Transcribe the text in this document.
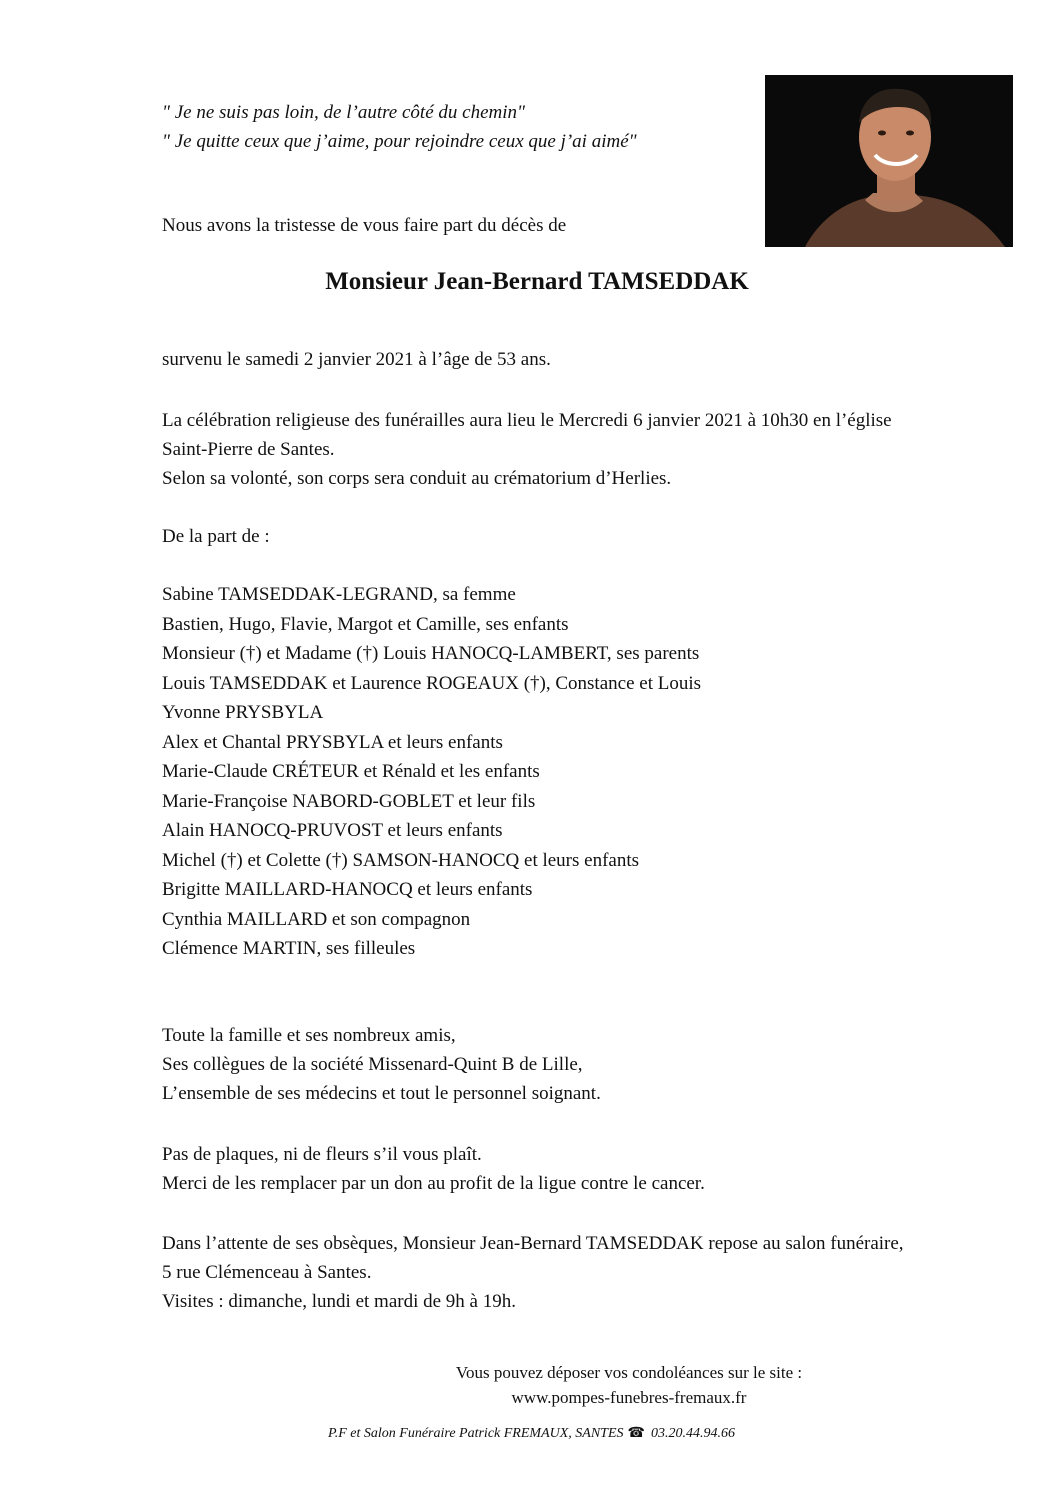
" Je ne suis pas loin, de l’autre côté du chemin"
" Je quitte ceux que j’aime, pour rejoindre ceux que j’ai aimé"
Nous avons la tristesse de vous faire part du décès de
Monsieur Jean-Bernard TAMSEDDAK
survenu le samedi 2 janvier 2021 à l’âge de 53 ans.
La célébration religieuse des funérailles aura lieu le Mercredi 6 janvier 2021 à 10h30 en l’église
Saint-Pierre de Santes.
Selon sa volonté, son corps sera conduit au crématorium d’Herlies.
De la part de :
Sabine TAMSEDDAK-LEGRAND, sa femme
Bastien, Hugo, Flavie, Margot et Camille, ses enfants
Monsieur (†) et Madame (†) Louis HANOCQ-LAMBERT, ses parents
Louis TAMSEDDAK et Laurence ROGEAUX (†), Constance et Louis
Yvonne PRYSBYLA
Alex et Chantal PRYSBYLA et leurs enfants
Marie-Claude CRÉTEUR et Rénald et les enfants
Marie-Françoise NABORD-GOBLET et leur fils
Alain HANOCQ-PRUVOST et leurs enfants
Michel (†) et Colette (†) SAMSON-HANOCQ et leurs enfants
Brigitte MAILLARD-HANOCQ et leurs enfants
Cynthia MAILLARD et son compagnon
Clémence MARTIN, ses filleules
Toute la famille et ses nombreux amis,
Ses collègues de la société Missenard-Quint B de Lille,
L’ensemble de ses médecins et tout le personnel soignant.
Pas de plaques, ni de fleurs s’il vous plaît.
Merci de les remplacer par un don au profit de la ligue contre le cancer.
Dans l’attente de ses obsèques, Monsieur Jean-Bernard TAMSEDDAK repose au salon funéraire,
5 rue Clémenceau à Santes.
Visites : dimanche, lundi et mardi de 9h à 19h.
Vous pouvez déposer vos condoléances sur le site :
www.pompes-funebres-fremaux.fr
P.F et Salon Funéraire Patrick FREMAUX, SANTES ☎ 03.20.44.94.66
